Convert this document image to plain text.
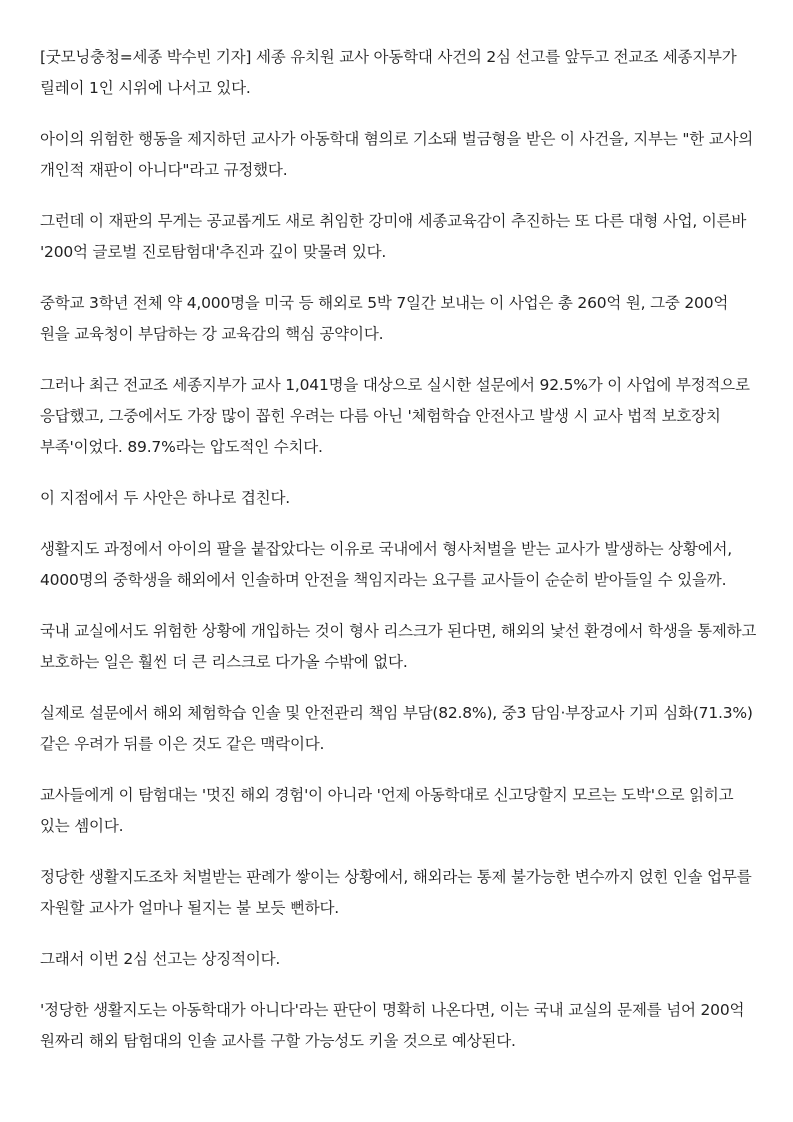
[굿모닝충청=세종 박수빈 기자] 세종 유치원 교사 아동학대 사건의 2심 선고를 앞두고 전교조 세종지부가 릴레이 1인 시위에 나서고 있다.

아이의 위험한 행동을 제지하던 교사가 아동학대 혐의로 기소돼 벌금형을 받은 이 사건을, 지부는 "한 교사의 개인적 재판이 아니다"라고 규정했다.

그런데 이 재판의 무게는 공교롭게도 새로 취임한 강미애 세종교육감이 추진하는 또 다른 대형 사업, 이른바 '200억 글로벌 진로탐험대'추진과 깊이 맞물려 있다.

중학교 3학년 전체 약 4,000명을 미국 등 해외로 5박 7일간 보내는 이 사업은 총 260억 원, 그중 200억 원을 교육청이 부담하는 강 교육감의 핵심 공약이다.

그러나 최근 전교조 세종지부가 교사 1,041명을 대상으로 실시한 설문에서 92.5%가 이 사업에 부정적으로 응답했고, 그중에서도 가장 많이 꼽힌 우려는 다름 아닌 '체험학습 안전사고 발생 시 교사 법적 보호장치 부족'이었다. 89.7%라는 압도적인 수치다.

이 지점에서 두 사안은 하나로 겹친다.

생활지도 과정에서 아이의 팔을 붙잡았다는 이유로 국내에서 형사처벌을 받는 교사가 발생하는 상황에서, 4000명의 중학생을 해외에서 인솔하며 안전을 책임지라는 요구를 교사들이 순순히 받아들일 수 있을까.

국내 교실에서도 위험한 상황에 개입하는 것이 형사 리스크가 된다면, 해외의 낯선 환경에서 학생을 통제하고 보호하는 일은 훨씬 더 큰 리스크로 다가올 수밖에 없다.

실제로 설문에서 해외 체험학습 인솔 및 안전관리 책임 부담(82.8%), 중3 담임·부장교사 기피 심화(71.3%) 같은 우려가 뒤를 이은 것도 같은 맥락이다.

교사들에게 이 탐험대는 '멋진 해외 경험'이 아니라 '언제 아동학대로 신고당할지 모르는 도박'으로 읽히고 있는 셈이다.

정당한 생활지도조차 처벌받는 판례가 쌓이는 상황에서, 해외라는 통제 불가능한 변수까지 얹힌 인솔 업무를 자원할 교사가 얼마나 될지는 불 보듯 뻔하다.

그래서 이번 2심 선고는 상징적이다.

'정당한 생활지도는 아동학대가 아니다'라는 판단이 명확히 나온다면, 이는 국내 교실의 문제를 넘어 200억 원짜리 해외 탐험대의 인솔 교사를 구할 가능성도 키울 것으로 예상된다.
